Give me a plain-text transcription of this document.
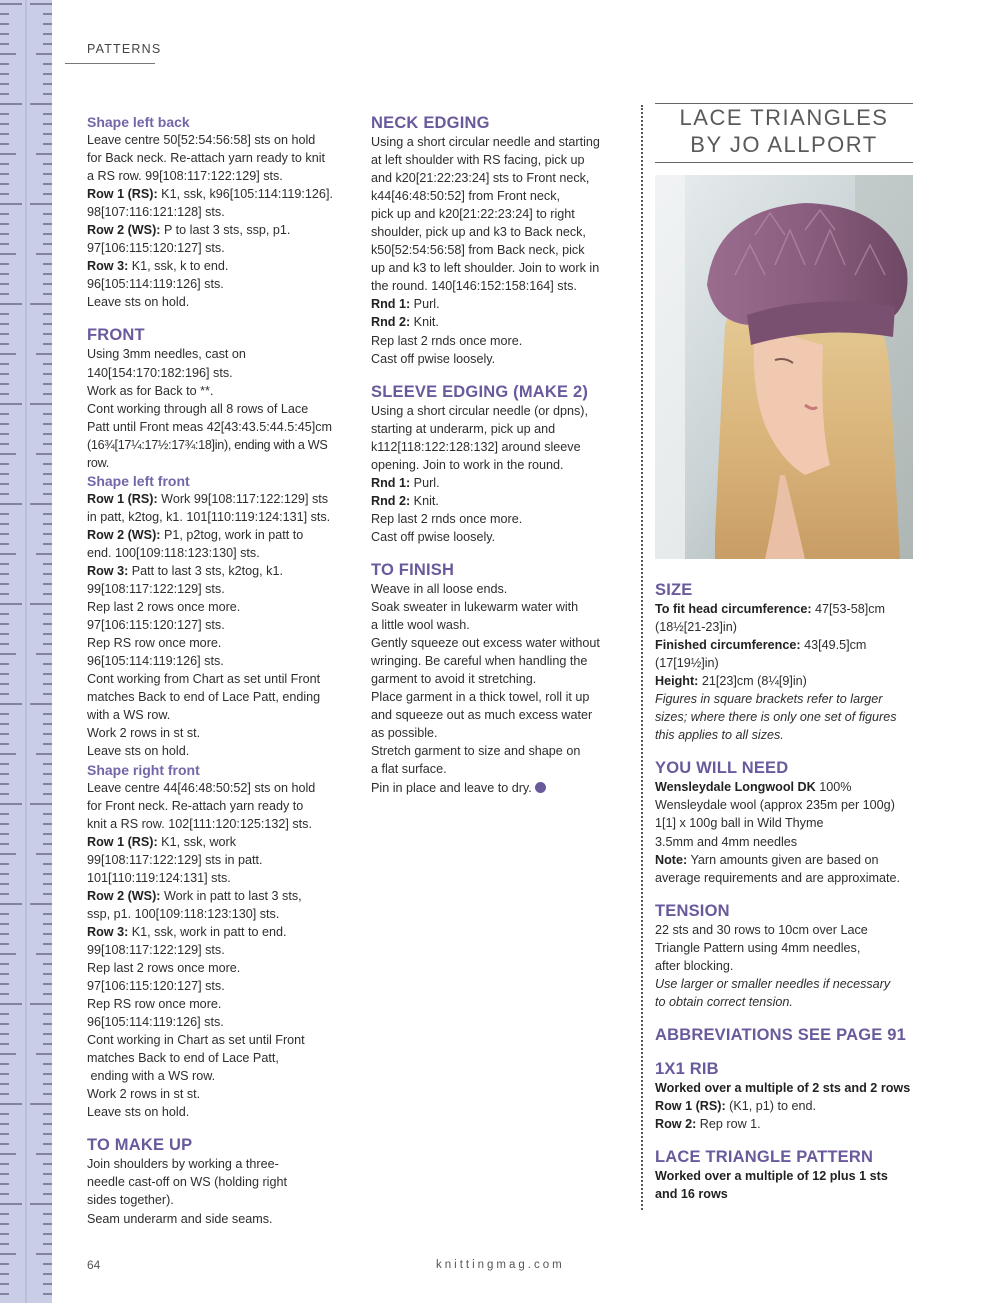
PATTERNS
Shape left back

Leave centre 50[52:54:56:58] sts on hold

for Back neck. Re-attach yarn ready to knit

a RS row. 99[108:117:122:129] sts.

Row 1 (RS): K1, ssk, k96[105:114:119:126].

98[107:116:121:128] sts.

Row 2 (WS): P to last 3 sts, ssp, p1.

97[106:115:120:127] sts.

Row 3: K1, ssk, k to end.

96[105:114:119:126] sts.

Leave sts on hold.

FRONT

Using 3mm needles, cast on

140[154:170:182:196] sts.

Work as for Back to **.

Cont working through all 8 rows of Lace

Patt until Front meas 42[43:43.5:44.5:45]cm

(16¾[17¼:17½:17¾:18]in), ending with a WS row.

Shape left front

Row 1 (RS): Work 99[108:117:122:129] sts

in patt, k2tog, k1. 101[110:119:124:131] sts.

Row 2 (WS): P1, p2tog, work in patt to

end. 100[109:118:123:130] sts.

Row 3: Patt to last 3 sts, k2tog, k1.

99[108:117:122:129] sts.

Rep last 2 rows once more.

97[106:115:120:127] sts.

Rep RS row once more.

96[105:114:119:126] sts.

Cont working from Chart as set until Front

matches Back to end of Lace Patt, ending

with a WS row.

Work 2 rows in st st.

Leave sts on hold.

Shape right front

Leave centre 44[46:48:50:52] sts on hold

for Front neck. Re-attach yarn ready to

knit a RS row. 102[111:120:125:132] sts.

Row 1 (RS): K1, ssk, work

99[108:117:122:129] sts in patt.

101[110:119:124:131] sts.

Row 2 (WS): Work in patt to last 3 sts,

ssp, p1. 100[109:118:123:130] sts.

Row 3: K1, ssk, work in patt to end.

99[108:117:122:129] sts.

Rep last 2 rows once more.

97[106:115:120:127] sts.

Rep RS row once more.

96[105:114:119:126] sts.

Cont working in Chart as set until Front

matches Back to end of Lace Patt,

ending with a WS row.

Work 2 rows in st st.

Leave sts on hold.

TO MAKE UP

Join shoulders by working a three-

needle cast-off on WS (holding right

sides together).

Seam underarm and side seams.

NECK EDGING

Using a short circular needle and starting

at left shoulder with RS facing, pick up

and k20[21:22:23:24] sts to Front neck,

k44[46:48:50:52] from Front neck,

pick up and k20[21:22:23:24] to right

shoulder, pick up and k3 to Back neck,

k50[52:54:56:58] from Back neck, pick

up and k3 to left shoulder. Join to work in

the round. 140[146:152:158:164] sts.

Rnd 1: Purl.

Rnd 2: Knit.

Rep last 2 rnds once more.

Cast off pwise loosely.

SLEEVE EDGING (MAKE 2)

Using a short circular needle (or dpns),

starting at underarm, pick up and

k112[118:122:128:132] around sleeve

opening. Join to work in the round.

Rnd 1: Purl.

Rnd 2: Knit.

Rep last 2 rnds once more.

Cast off pwise loosely.

TO FINISH

Weave in all loose ends.

Soak sweater in lukewarm water with

a little wool wash.

Gently squeeze out excess water without

wringing. Be careful when handling the

garment to avoid it stretching.

Place garment in a thick towel, roll it up

and squeeze out as much excess water

as possible.

Stretch garment to size and shape on

a flat surface.

Pin in place and leave to dry.

LACE TRIANGLES
BY JO ALLPORT
SIZE

To fit head circumference: 47[53-58]cm

(18½[21-23]in)

Finished circumference: 43[49.5]cm

(17[19½]in)

Height: 21[23]cm (8¼[9]in)

Figures in square brackets refer to larger

sizes; where there is only one set of figures

this applies to all sizes.

YOU WILL NEED

Wensleydale Longwool DK 100%

Wensleydale wool (approx 235m per 100g)

1[1] x 100g ball in Wild Thyme

3.5mm and 4mm needles

Note: Yarn amounts given are based on

average requirements and are approximate.

TENSION

22 sts and 30 rows to 10cm over Lace

Triangle Pattern using 4mm needles,

after blocking.

Use larger or smaller needles if necessary

to obtain correct tension.

ABBREVIATIONS SEE PAGE 91
1X1 RIB

Worked over a multiple of 2 sts and 2 rows

Row 1 (RS): (K1, p1) to end.

Row 2: Rep row 1.

LACE TRIANGLE PATTERN

Worked over a multiple of 12 plus 1 sts

and 16 rows

64	knittingmag.com
